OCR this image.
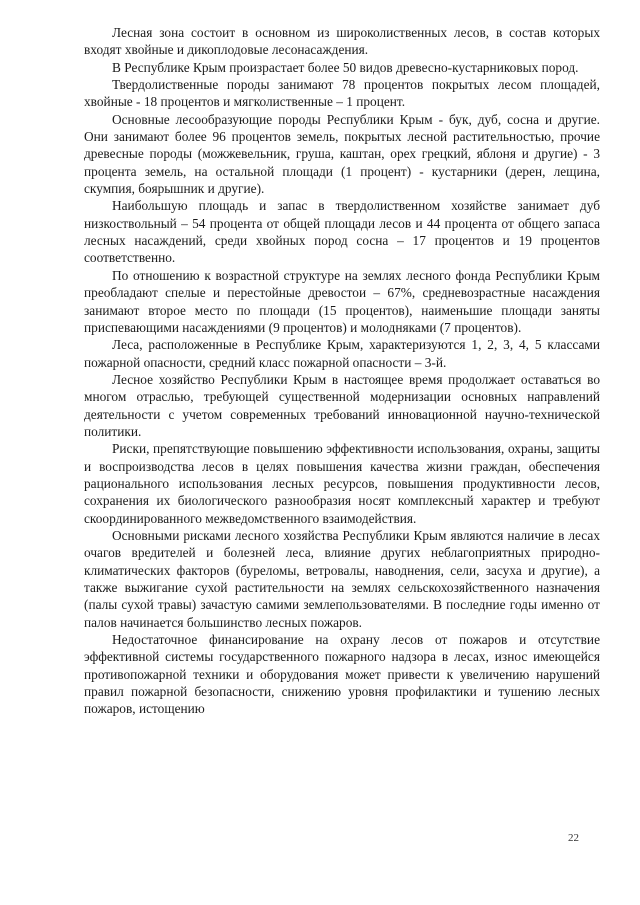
Лесная зона состоит в основном из широколиственных лесов, в состав которых входят хвойные и дикоплодовые лесонасаждения.

В Республике Крым произрастает более 50 видов древесно-кустарниковых пород.

Твердолиственные породы занимают 78 процентов покрытых лесом площадей, хвойные - 18 процентов и мягколиственные – 1 процент.

Основные лесообразующие породы Республики Крым - бук, дуб, сосна и другие. Они занимают более 96 процентов земель, покрытых лесной растительностью, прочие древесные породы (можжевельник, груша, каштан, орех грецкий, яблоня и другие) - 3 процента земель, на остальной площади (1 процент) - кустарники (дерен, лещина, скумпия, боярышник и другие).

Наибольшую площадь и запас в твердолиственном хозяйстве занимает дуб низкоствольный – 54 процента от общей площади лесов и 44 процента от общего запаса лесных насаждений, среди хвойных пород сосна – 17 процентов и 19 процентов соответственно.

По отношению к возрастной структуре на землях лесного фонда Республики Крым преобладают спелые и перестойные древостои – 67%, средневозрастные насаждения занимают второе место по площади (15 процентов), наименьшие площади заняты приспевающими насаждениями (9 процентов) и молодняками (7 процентов).

Леса, расположенные в Республике Крым, характеризуются 1, 2, 3, 4, 5 классами пожарной опасности, средний класс пожарной опасности – 3-й.

Лесное хозяйство Республики Крым в настоящее время продолжает оставаться во многом отраслью, требующей существенной модернизации основных направлений деятельности с учетом современных требований инновационной научно-технической политики.

Риски, препятствующие повышению эффективности использования, охраны, защиты и воспроизводства лесов в целях повышения качества жизни граждан, обеспечения рационального использования лесных ресурсов, повышения продуктивности лесов, сохранения их биологического разнообразия носят комплексный характер и требуют скоординированного межведомственного взаимодействия.

Основными рисками лесного хозяйства Республики Крым являются наличие в лесах очагов вредителей и болезней леса, влияние других неблагоприятных природно-климатических факторов (буреломы, ветровалы, наводнения, сели, засуха и другие), а также выжигание сухой растительности на землях сельскохозяйственного назначения (палы сухой травы) зачастую самими землепользователями. В последние годы именно от палов начинается большинство лесных пожаров.

Недостаточное финансирование на охрану лесов от пожаров и отсутствие эффективной системы государственного пожарного надзора в лесах, износ имеющейся противопожарной техники и оборудования может привести к увеличению нарушений правил пожарной безопасности, снижению уровня профилактики и тушению лесных пожаров, истощению

22
